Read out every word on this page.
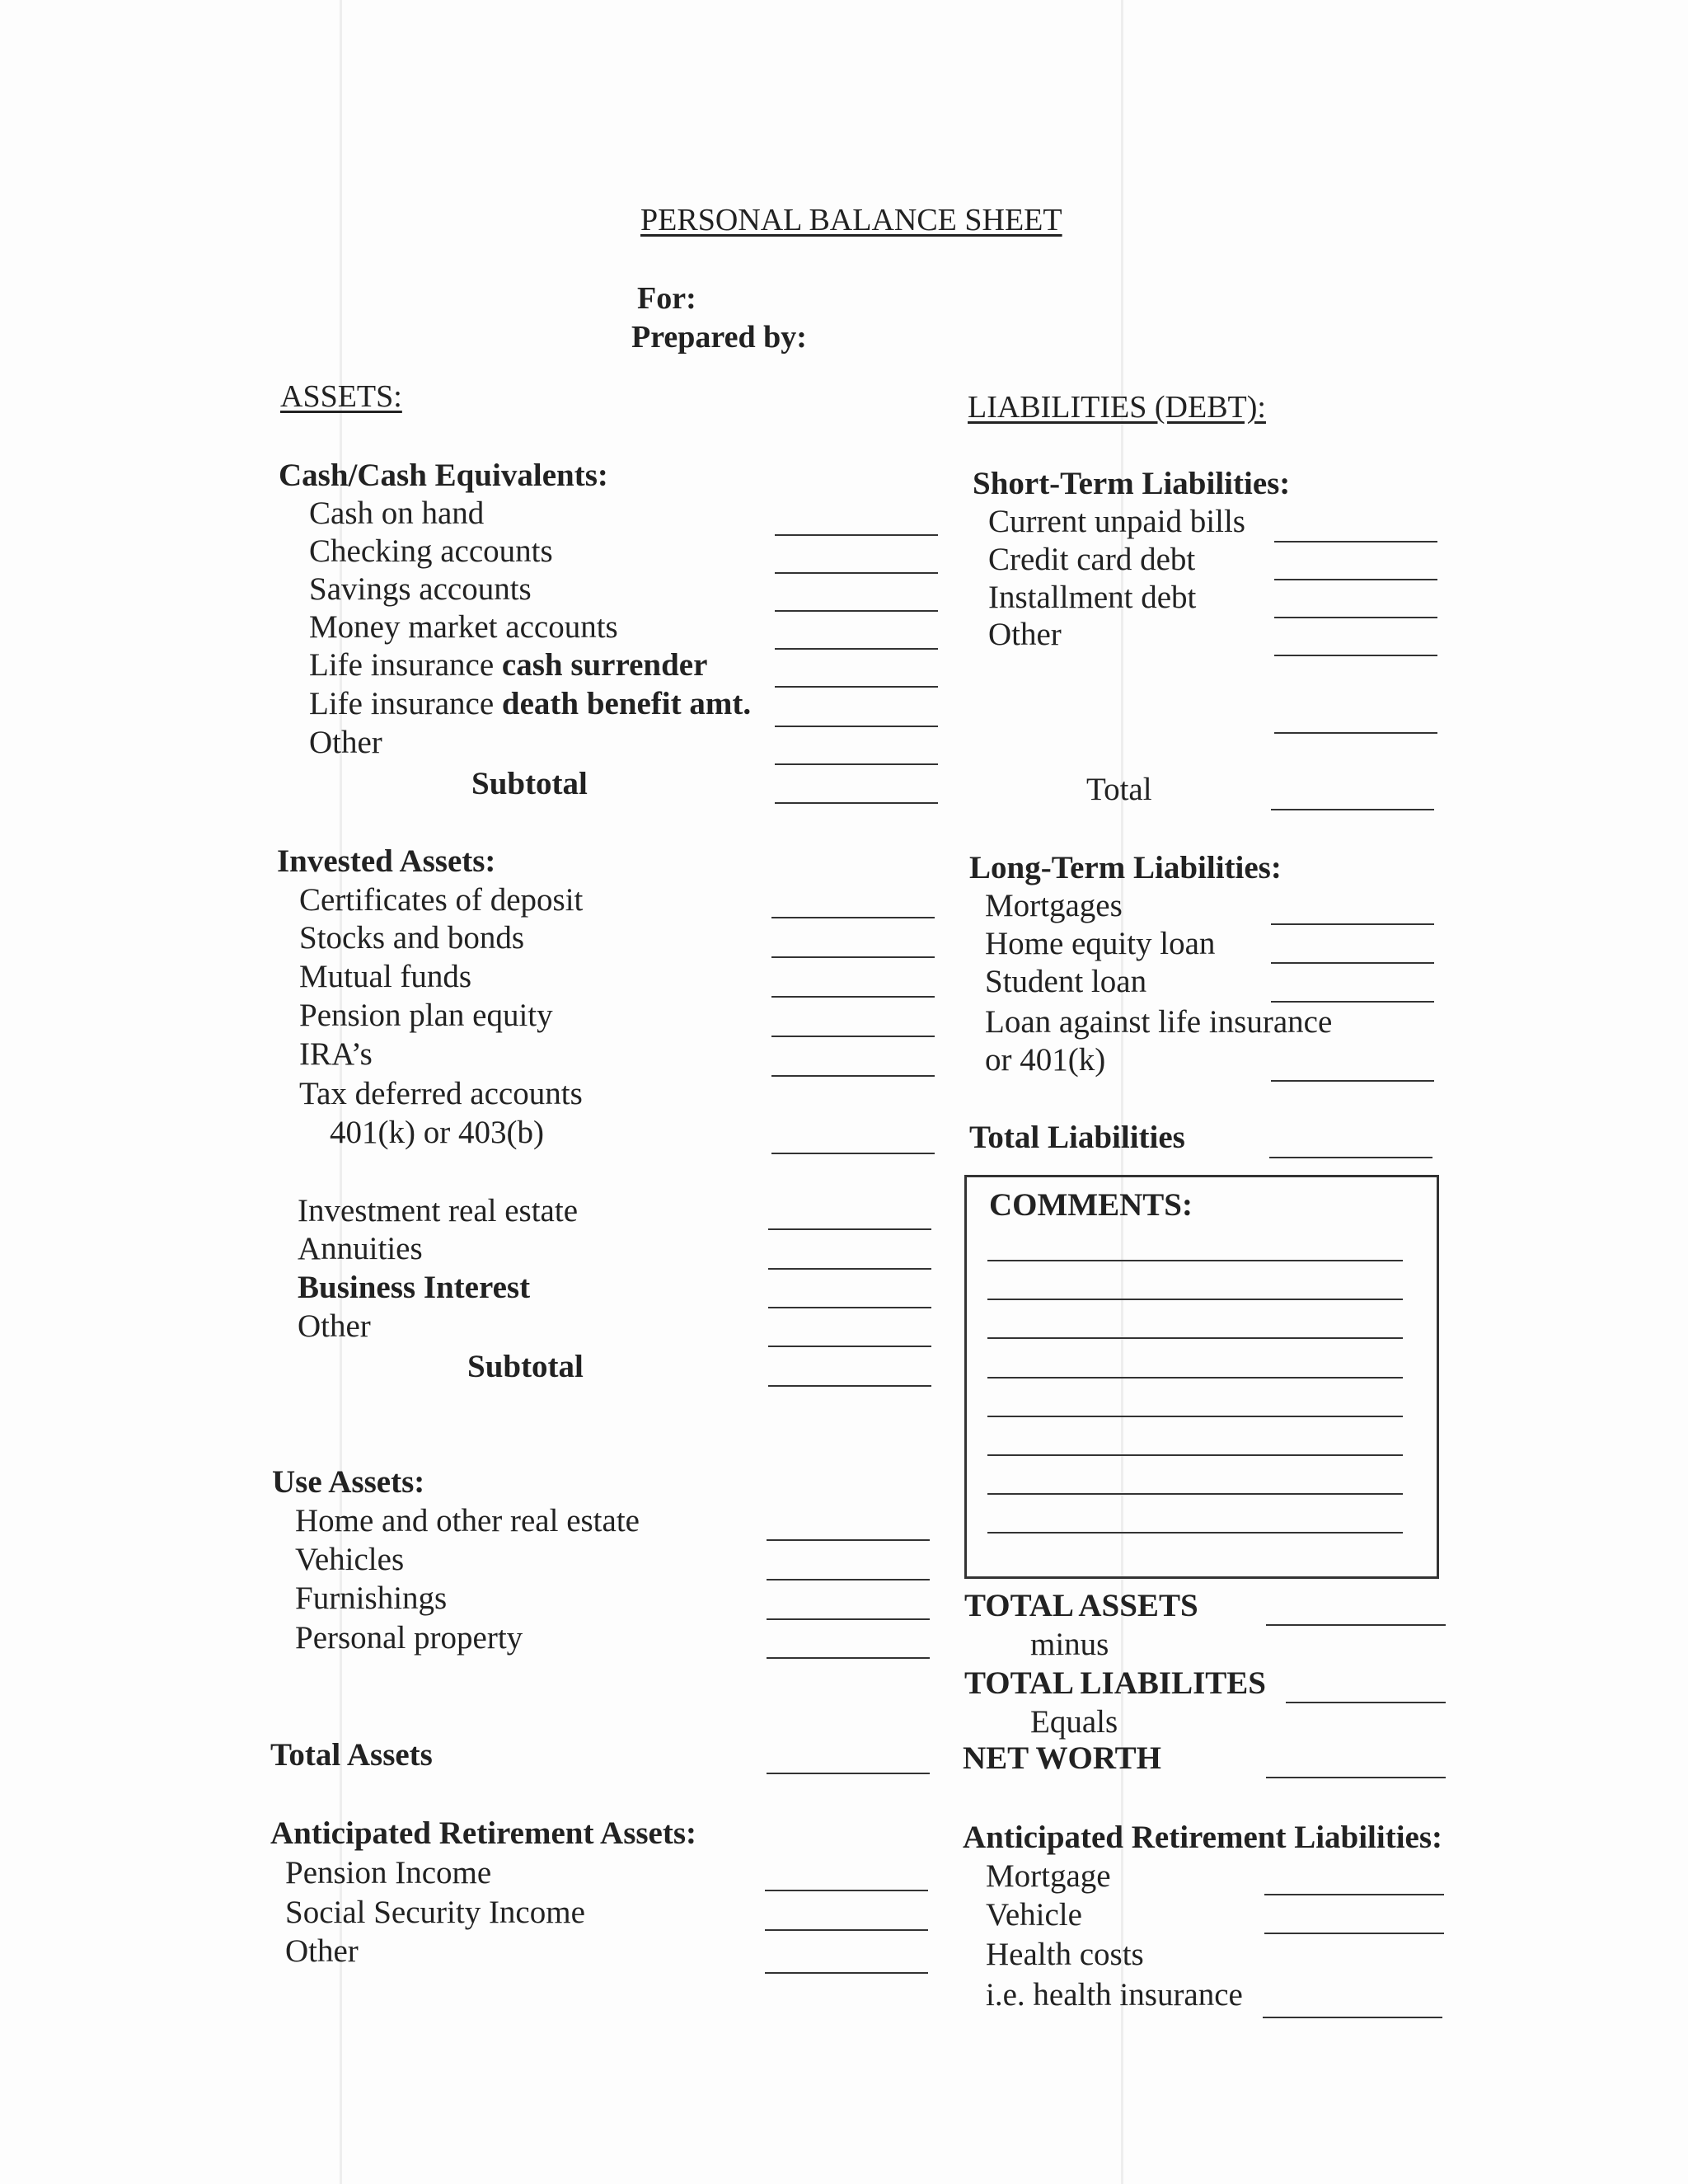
PERSONAL BALANCE SHEET
For:
Prepared by:
ASSETS:
Cash/Cash Equivalents:
Cash on hand
Checking accounts
Savings accounts
Money market accounts
Life insurance cash surrender
Life insurance death benefit amt.
Other
Subtotal
Invested Assets:
Certificates of deposit
Stocks and bonds
Mutual funds
Pension plan equity
IRA’s
Tax deferred accounts
401(k) or 403(b)
Investment real estate
Annuities
Business Interest
Other
Subtotal
Use Assets:
Home and other real estate
Vehicles
Furnishings
Personal property
Total Assets
Anticipated Retirement Assets:
Pension Income
Social Security Income
Other
LIABILITIES (DEBT):
Short-Term Liabilities:
Current unpaid bills
Credit card debt
Installment debt
Other
Total
Long-Term Liabilities:
Mortgages
Home equity loan
Student loan
Loan against life insurance
or 401(k)
Total Liabilities
COMMENTS:
TOTAL ASSETS
minus
TOTAL LIABILITES
Equals
NET WORTH
Anticipated Retirement Liabilities:
Mortgage
Vehicle
Health costs
i.e. health insurance
